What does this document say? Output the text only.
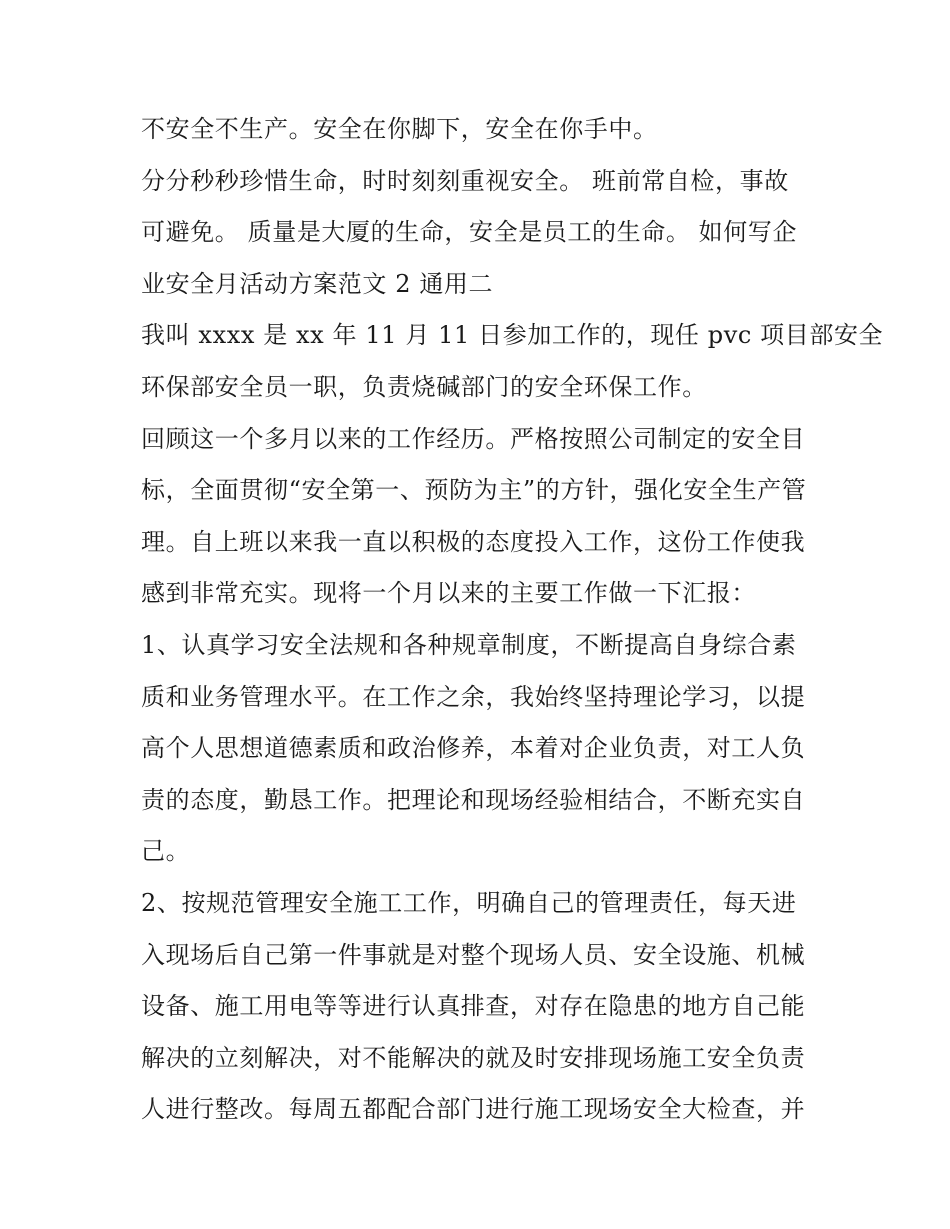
不安全不生产。安全在你脚下，安全在你手中。
分分秒秒珍惜生命，时时刻刻重视安全。 班前常自检，事故
可避免。 质量是大厦的生命，安全是员工的生命。 如何写企
业安全月活动方案范文 2 通用二
我叫 xxxx 是 xx 年 11 月 11 日参加工作的，现任 pvc 项目部安全
环保部安全员一职，负责烧碱部门的安全环保工作。
回顾这一个多月以来的工作经历。严格按照公司制定的安全目
标，全面贯彻“安全第一、预防为主”的方针，强化安全生产管
理。自上班以来我一直以积极的态度投入工作，这份工作使我
感到非常充实。现将一个月以来的主要工作做一下汇报：
1、认真学习安全法规和各种规章制度，不断提高自身综合素
质和业务管理水平。在工作之余，我始终坚持理论学习，以提
高个人思想道德素质和政治修养，本着对企业负责，对工人负
责的态度，勤恳工作。把理论和现场经验相结合，不断充实自
己。
2、按规范管理安全施工工作，明确自己的管理责任，每天进
入现场后自己第一件事就是对整个现场人员、安全设施、机械
设备、施工用电等等进行认真排查，对存在隐患的地方自己能
解决的立刻解决，对不能解决的就及时安排现场施工安全负责
人进行整改。每周五都配合部门进行施工现场安全大检查，并
